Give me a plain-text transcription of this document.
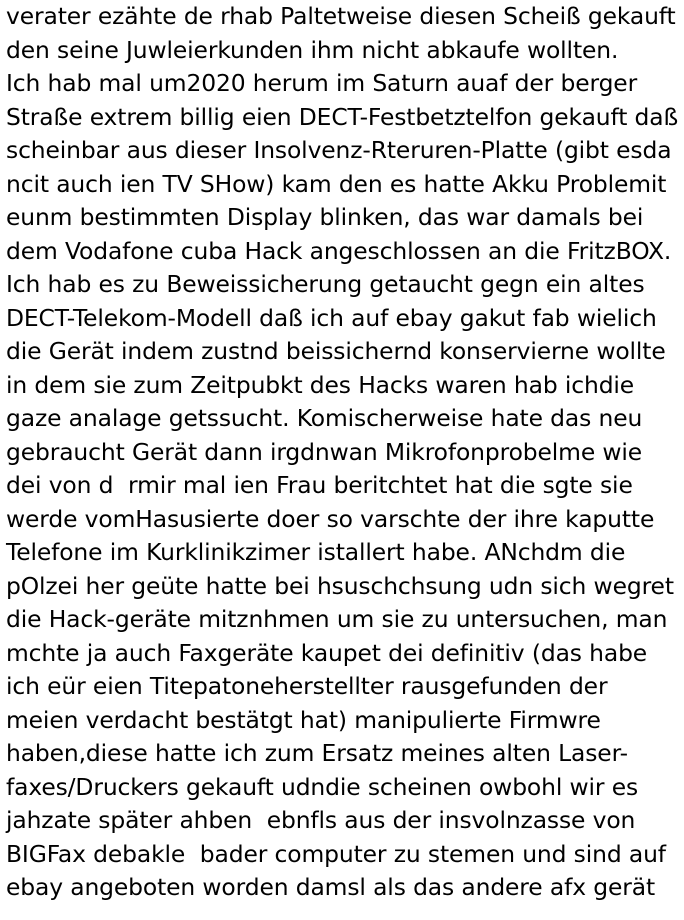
verater ezähte de rhab Paltetweise diesen Scheiß gekauft
den seine Juwleierkunden ihm nicht abkaufe wollten.
Ich hab mal um2020 herum im Saturn auaf der berger
Straße extrem billig eien DECT-Festbetztelfon gekauft daß
scheinbar aus dieser Insolvenz-Rteruren-Platte (gibt esda
ncit auch ien TV SHow) kam den es hatte Akku Problemit
eunm bestimmten Display blinken, das war damals bei
dem Vodafone cuba Hack angeschlossen an die FritzBOX.
Ich hab es zu Beweissicherung getaucht gegn ein altes
DECT-Telekom-Modell daß ich auf ebay gakut fab wielich
die Gerät indem zustnd beissichernd konservierne wollte
in dem sie zum Zeitpubkt des Hacks waren hab ichdie
gaze analage getssucht. Komischerweise hate das neu
gebraucht Gerät dann irgdnwan Mikrofonprobelme wie
dei von d  rmir mal ien Frau beritchtet hat die sgte sie
werde vomHasusierte doer so varschte der ihre kaputte
Telefone im Kurklinikzimer istallert habe. ANchdm die
pOlzei her geüte hatte bei hsuschchsung udn sich wegret
die Hack-geräte mitznhmen um sie zu untersuchen, man
mchte ja auch Faxgeräte kaupet dei definitiv (das habe
ich eür eien Titepatoneherstellter rausgefunden der
meien verdacht bestätgt hat) manipulierte Firmwre
haben,diese hatte ich zum Ersatz meines alten Laser-
faxes/Druckers gekauft udndie scheinen owbohl wir es
jahzate später ahben  ebnfls aus der insvolnzasse von
BIGFax debakle  bader computer zu stemen und sind auf
ebay angeboten worden damsl als das andere afx gerät
